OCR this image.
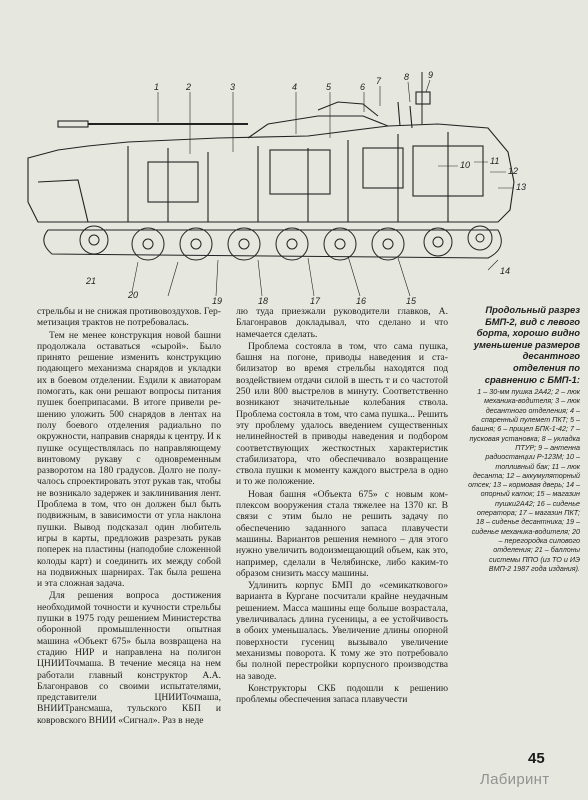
1	2	3	4	5	6
7	8 9
10 11
12
13
14
15
16
17
18
19
20
21

стрельбы и не снижая противовоздухов. Герметизация трактов не потребовалась.

Тем не менее конструкция новой башни продолжала оставаться «сырой». Было принято решение изменить конструкцию подающего механизма снарядов и укладки их в боевом отделении. Ездили к авиаторам помогать, как они решают вопросы питания пушек боеприпасами. В итоге привели решению уложить 500 снарядов в лентах на полу боевого отделения радиально по окружности, направив снаряды к центру. И к пушке осуществлялась по направляющему винтовому рукаву с одновременным разворотом на 180 градусов. Долго не получалось спроектировать этот рукав так, чтобы не возникало задержек и заклинивания лент. Проблема в том, что он должен был быть подвижным, в зависимости от угла наклона пушки. Вывод подсказал один любитель игры в карты, предложив разрезать рукав поперек на пластины (наподобие сложенной колоды карт) и соединить их между собой на подвижных шарнирах. Так была решена и эта сложная задача.

Для решения вопроса достижения необходимой точности и кучности стрельбы пушки в 1975 году решением Министерства оборонной промышленности опытная машина «Объект 675» была возвращена на стадию НИР и направлена на полигон ЦНИИТочмаша. В течение месяца на нем работали главный конструктор А.А. Благонравов со своими испытателями, представители ЦНИИТочмаша, ВНИИТрансмаша, тульского КБП и ковровского ВНИИ «Сигнал». Раз в неде

лю туда приезжали руководители главков, А. Благонравов докладывал, что сделано и что намечается сделать.

Проблема состояла в том, что сама пушка, башня на погоне, приводы наведения и стабилизатор во время стрельбы находятся под воздействием отдачи силой в шесть т и со частотой 250 или 800 выстрелов в минуту. Соответственно возникают значительные колебания ствола. Проблема состояла в том, что сама пушка... Решить эту проблему удалось введением существенных нелинейностей в приводы наведения и подбором соответствующих жесткостных характеристик стабилизатора, что обеспечивало возвращение ствола пушки к моменту каждого выстрела в одно и то же положение.

Новая башня «Объекта 675» с новым комплексом вооружения стала тяжелее на 1370 кг. В связи с этим было не решить задачу по обеспечению заданного запаса плавучести машины. Вариантов решения немного – для этого нужно увеличить водоизмещающий объем, как это, например, сделали в Челябинске, либо каким-то образом снизить массу машины.

Удлинить корпус БМП до «семикаткового» варианта в Кургане посчитали крайне неудачным решением. Масса машины еще больше возрастала, увеличивалась длина гусеницы, а ее устойчивость в обоих уменьшалась. Увеличение длины опорной поверхности гусениц вызывало увеличение механизмы поворота. К тому же это потребовало бы полной перестройки корпусного производства на заводе.

Конструкторы СКБ подошли к решению проблемы обеспечения запаса плавучести

Продольный разрез БМП-2, вид с левого борта, хорошо видно уменьшение размеров десантного отделения по сравнению с БМП-1:

1 – 30-мм пушка 2А42; 2 – люк механика-водителя; 3 – люк десантного отделения; 4 – спаренный пулемет ПКТ; 5 – башня; 6 – прицел БПК-1-42; 7 – пусковая установка; 8 – укладка ПТУР; 9 – антенна радиостанции Р-123М; 10 – топливный бак; 11 – люк десанта; 12 – аккумуляторный отсек; 13 – кормовая дверь; 14 – опорный каток; 15 – магазин пушки2А42; 16 – сиденье оператора; 17 – магазин ПКТ; 18 – сиденье десантника; 19 – сиденье механика-водителя; 20 – перегородка силового отделения; 21 – баллоны системы ППО (из ТО и ИЭ ВМП-2 1987 года издания).

45
Лабиринт
